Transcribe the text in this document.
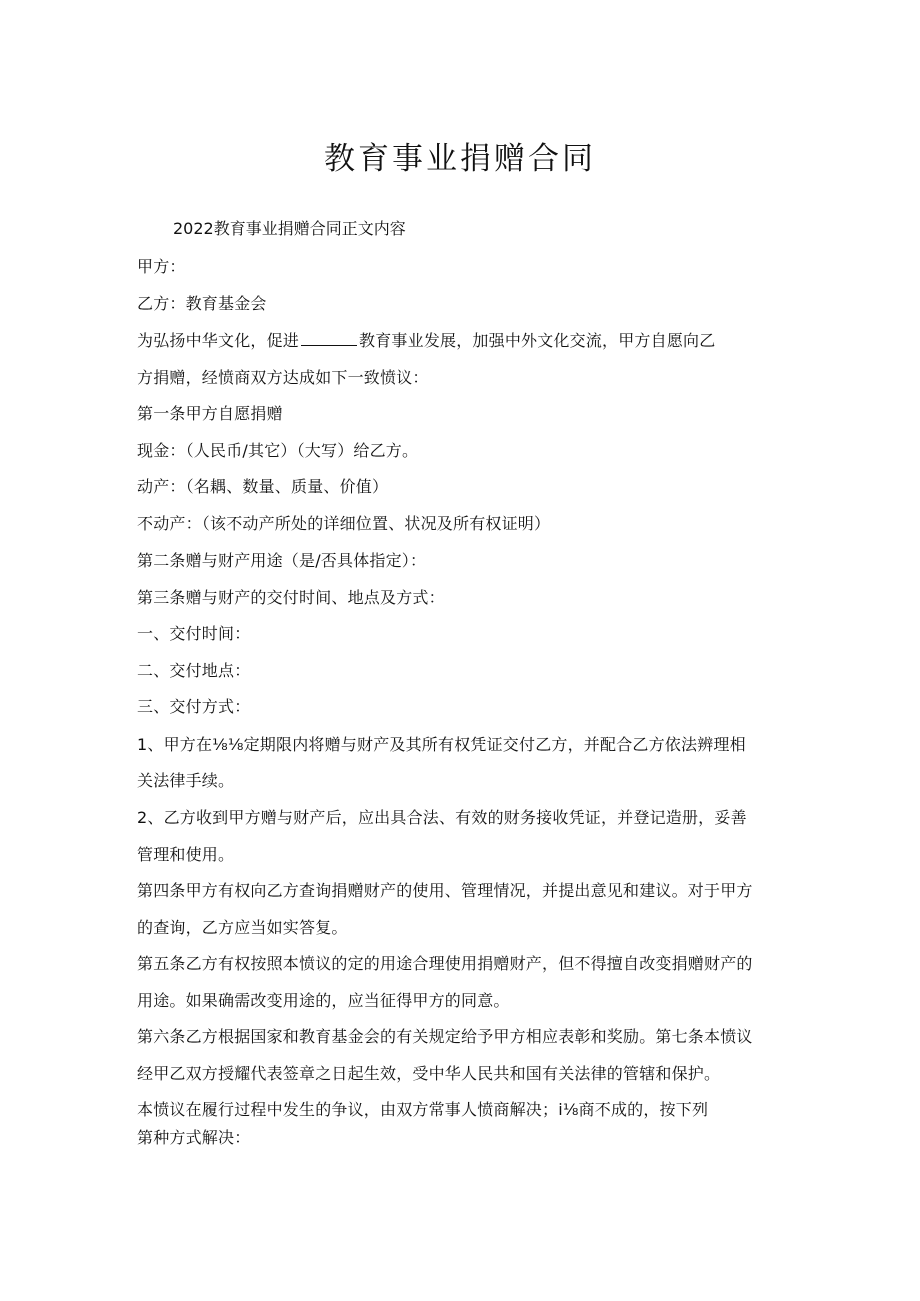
教育事业捐赠合同
2022教育事业捐赠合同正文内容
甲方：
乙方：教育基金会
为弘扬中华文化，促进	教育事业发展，加强中外文化交流，甲方自愿向乙
方捐赠，经愤商双方达成如下一致愤议：
第一条甲方自愿捐赠
现金：（人民币/其它）（大写）给乙方。
动产：（名耦、数量、质量、价值）
不动产：（该不动产所处的详细位置、状况及所有权证明）
第二条赠与财产用途（是/否具体指定）：
第三条赠与财产的交付时间、地点及方式：
一、交付时间：
二、交付地点：
三、交付方式：
1、甲方在⅛⅛定期限内将赠与财产及其所有权凭证交付乙方，并配合乙方依法辨理相
关法律手续。
2、乙方收到甲方赠与财产后，应出具合法、有效的财务接收凭证，并登记造册，妥善
管理和使用。
第四条甲方有权向乙方查询捐赠财产的使用、管理情况，并提出意见和建议。对于甲方
的查询，乙方应当如实答复。
第五条乙方有权按照本愤议的定的用途合理使用捐赠财产，但不得擅自改变捐赠财产的
用途。如果确需改变用途的，应当征得甲方的同意。
第六条乙方根据国家和教育基金会的有关规定给予甲方相应表彰和奖励。第七条本愤议
经甲乙双方授耀代表签章之日起生效，受中华人民共和国有关法律的管辖和保护。
本愤议在履行过程中发生的争议，由双方常事人愤商解决；i⅛商不成的，按下列
第种方式解决：
